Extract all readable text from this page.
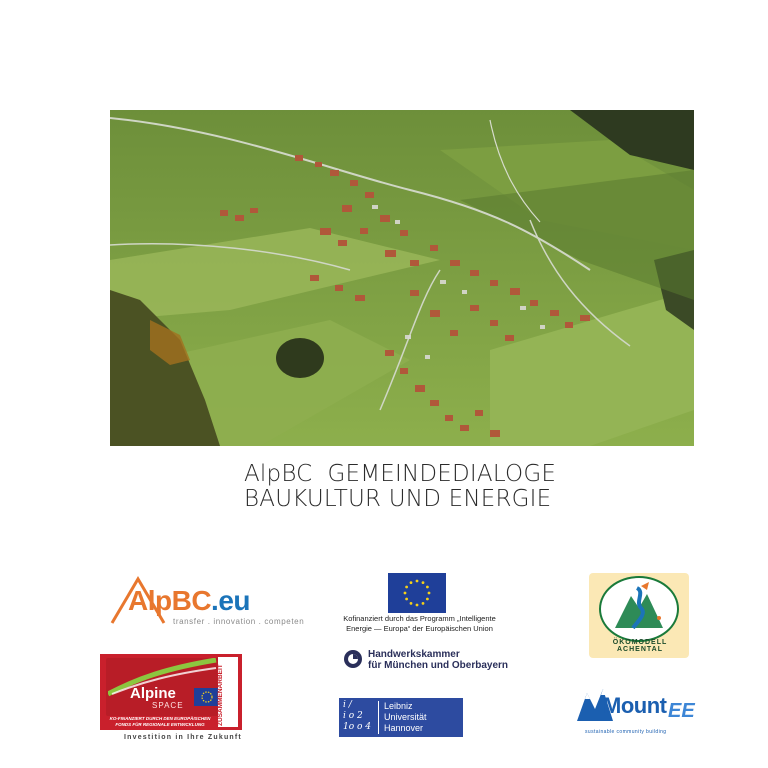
AlpBC  GEMEINDEDIALOGE
BAUKULTUR UND ENERGIE
AlpBC.eu
transfer . innovation . competen	Kofinanziert durch das Programm „Intelligente
Energie — Europa“ der Europäischen Union
Handwerkskammer
für München und Oberbayern
i /
i o 2
1o o 4
Leibniz
Universität
Hannover
ÖKOMODELL ACHENTAL
Alpine
SPACE	ZUSAMMENARBEIT
KO-FINANZIERT DURCH DEN EUROPÄISCHEN
FONDS FÜR REGIONALE ENTWICKLUNG
Investition in Ihre Zukunft
Mount EE
sustainable community building
